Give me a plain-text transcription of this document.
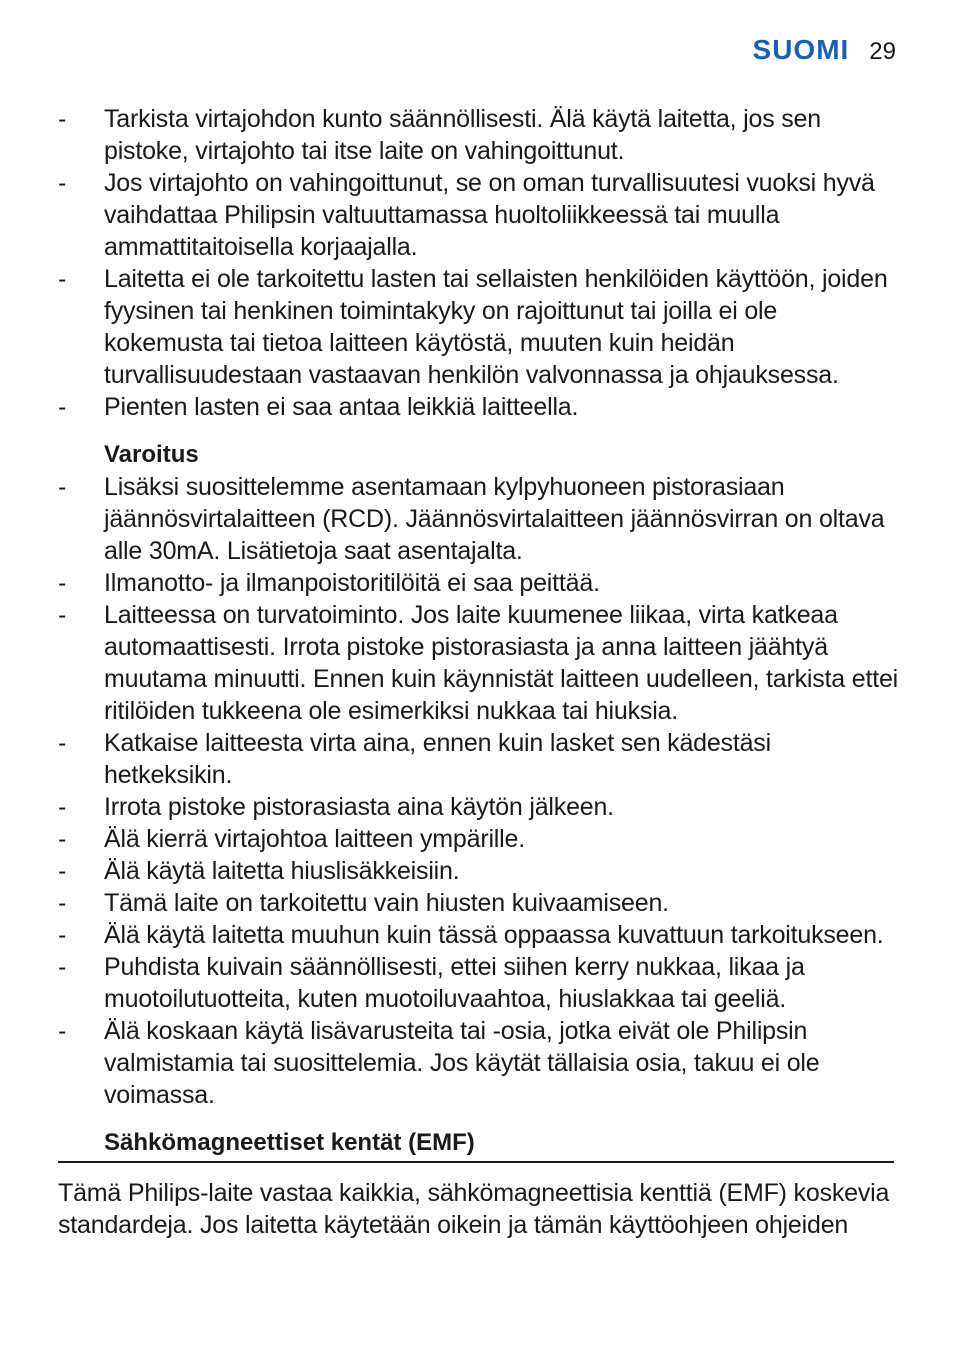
SUOMI 29
- Tarkista virtajohdon kunto säännöllisesti. Älä käytä laitetta, jos sen pistoke, virtajohto tai itse laite on vahingoittunut.
- Jos virtajohto on vahingoittunut, se on oman turvallisuutesi vuoksi hyvä vaihdattaa Philipsin valtuuttamassa huoltoliikkeessä tai muulla ammattitaitoisella korjaajalla.
- Laitetta ei ole tarkoitettu lasten tai sellaisten henkilöiden käyttöön, joiden fyysinen tai henkinen toimintakyky on rajoittunut tai joilla ei ole kokemusta tai tietoa laitteen käytöstä, muuten kuin heidän turvallisuudestaan vastaavan henkilön valvonnassa ja ohjauksessa.
- Pienten lasten ei saa antaa leikkiä laitteella.
Varoitus
- Lisäksi suosittelemme asentamaan kylpyhuoneen pistorasiaan jäännösvirtalaitteen (RCD). Jäännösvirtalaitteen jäännösvirran on oltava alle 30mA. Lisätietoja saat asentajalta.
- Ilmanotto- ja ilmanpoistoritilöitä ei saa peittää.
- Laitteessa on turvatoiminto. Jos laite kuumenee liikaa, virta katkeaa automaattisesti. Irrota pistoke pistorasiasta ja anna laitteen jäähtyä muutama minuutti. Ennen kuin käynnistät laitteen uudelleen, tarkista ettei ritilöiden tukkeena ole esimerkiksi nukkaa tai hiuksia.
- Katkaise laitteesta virta aina, ennen kuin lasket sen kädestäsi hetkeksikin.
- Irrota pistoke pistorasiasta aina käytön jälkeen.
- Älä kierrä virtajohtoa laitteen ympärille.
- Älä käytä laitetta hiuslisäkkeisiin.
- Tämä laite on tarkoitettu vain hiusten kuivaamiseen.
- Älä käytä laitetta muuhun kuin tässä oppaassa kuvattuun tarkoitukseen.
- Puhdista kuivain säännöllisesti, ettei siihen kerry nukkaa, likaa ja muotoilutuotteita, kuten muotoiluvaahtoa, hiuslakkaa tai geeliä.
- Älä koskaan käytä lisävarusteita tai -osia, jotka eivät ole Philipsin valmistamia tai suosittelemia. Jos käytät tällaisia osia, takuu ei ole voimassa.
Sähkömagneettiset kentät (EMF)
Tämä Philips-laite vastaa kaikkia, sähkömagneettisia kenttiä (EMF) koskevia standardeja. Jos laitetta käytetään oikein ja tämän käyttöohjeen ohjeiden
